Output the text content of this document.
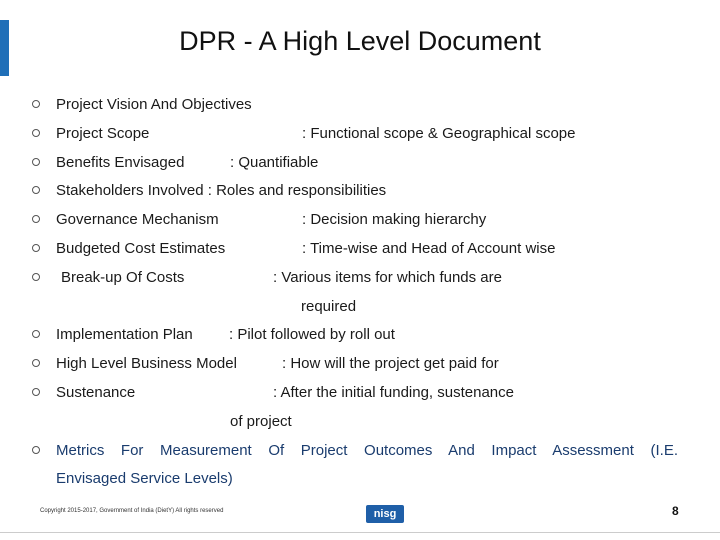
DPR - A High Level Document
Project Vision And Objectives
Project Scope	: Functional scope & Geographical scope
Benefits Envisaged	: Quantifiable
Stakeholders Involved : Roles and responsibilities
Governance Mechanism	: Decision making hierarchy
Budgeted Cost Estimates	: Time-wise and Head of Account wise
Break-up Of Costs	: Various items for which funds are
required
Implementation Plan : Pilot followed by roll out
High Level Business Model	: How will the project get paid for
Sustenance	: After the initial funding, sustenance
of project
Metrics For Measurement Of Project Outcomes And Impact Assessment (I.E.
Envisaged Service Levels)
Copyright 2015-2017, Government of India (DietY) All rights reserved	nisg	8
